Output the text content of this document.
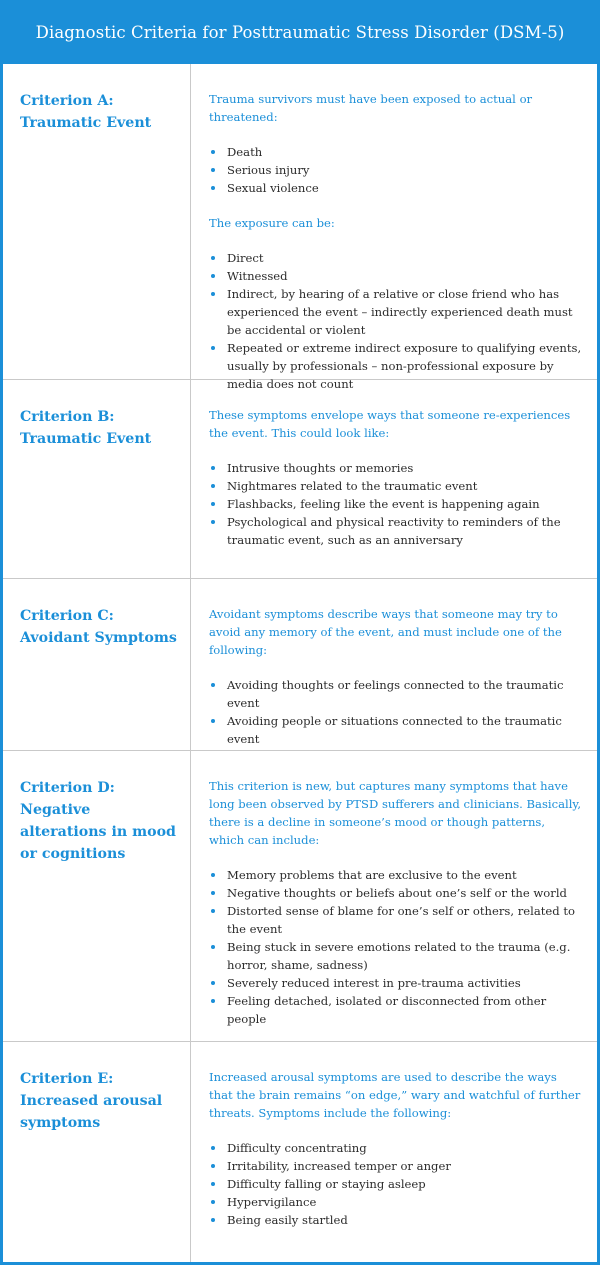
Diagnostic Criteria for Posttraumatic Stress Disorder (DSM-5)
Criterion A:
Traumatic Event

Trauma survivors must have been exposed to actual or threatened:

Death
Serious injury
Sexual violence

The exposure can be:

Direct
Witnessed
Indirect, by hearing of a relative or close friend who has experienced the event – indirectly experienced death must be accidental or violent
Repeated or extreme indirect exposure to qualifying events, usually by professionals – non-professional exposure by media does not count
Criterion B:
Traumatic Event

These symptoms envelope ways that someone re-experiences the event. This could look like:

Intrusive thoughts or memories
Nightmares related to the traumatic event
Flashbacks, feeling like the event is happening again
Psychological and physical reactivity to reminders of the traumatic event, such as an anniversary
Criterion C:
Avoidant Symptoms

Avoidant symptoms describe ways that someone may try to avoid any memory of the event, and must include one of the following:

Avoiding thoughts or feelings connected to the traumatic event
Avoiding people or situations connected to the traumatic event
Criterion D:
Negative alterations in mood or cognitions

This criterion is new, but captures many symptoms that have long been observed by PTSD sufferers and clinicians. Basically, there is a decline in someone’s mood or though patterns, which can include:

Memory problems that are exclusive to the event
Negative thoughts or beliefs about one’s self or the world
Distorted sense of blame for one’s self or others, related to the event
Being stuck in severe emotions related to the trauma (e.g. horror, shame, sadness)
Severely reduced interest in pre-trauma activities
Feeling detached, isolated or disconnected from other people
Criterion E:
Increased arousal symptoms

Increased arousal symptoms are used to describe the ways that the brain remains “on edge,” wary and watchful of further threats. Symptoms include the following:

Difficulty concentrating
Irritability, increased temper or anger
Difficulty falling or staying asleep
Hypervigilance
Being easily startled
